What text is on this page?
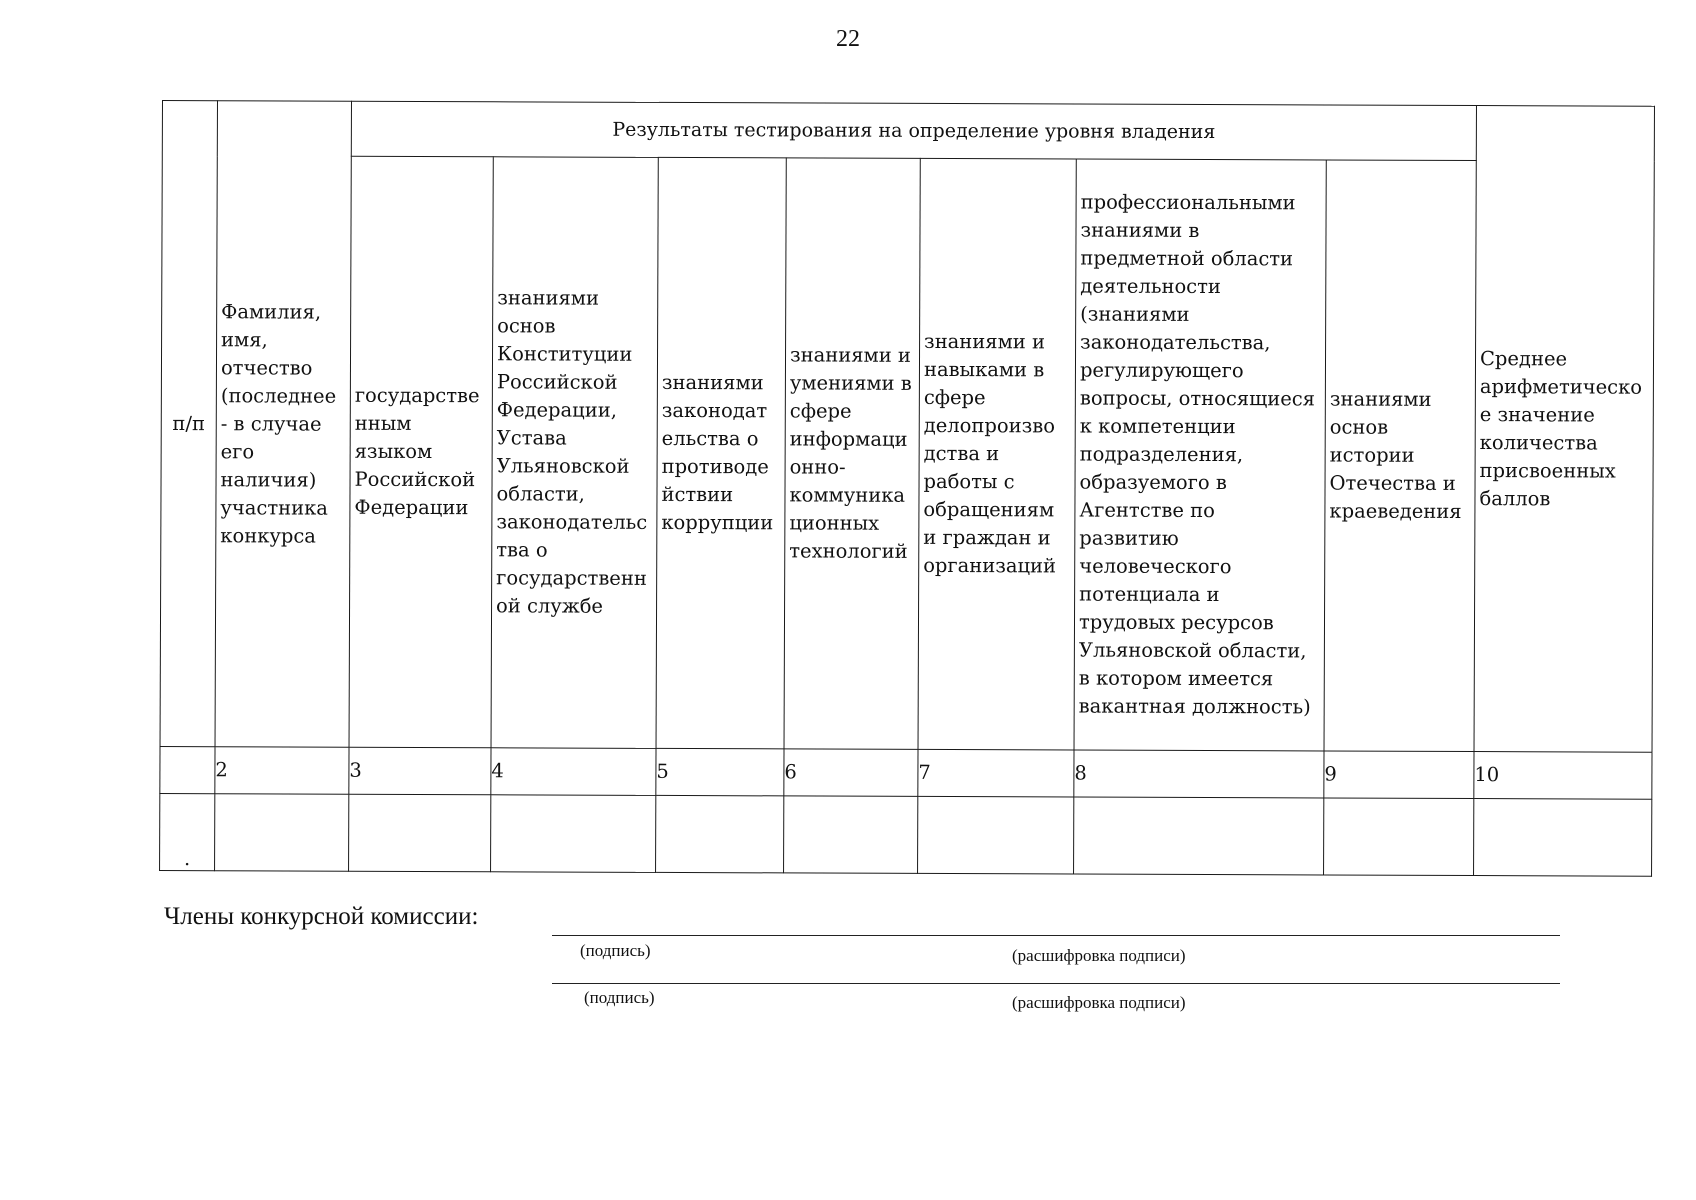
22
п/п	Фамилия, имя, отчество (последнее - в случае его наличия) участника конкурса	Результаты тестирования на определение уровня владения							Среднее арифметическо е значение количества присвоенных баллов

		государстве нным языком Российской Федерации	знаниями основ Конституции Российской Федерации, Устава Ульяновской области, законодательс тва о государственн ой службе	знаниями законодат ельства о противоде йствии коррупции	знаниями и умениями в сфере информаци онно-коммуника ционных технологий	знаниями и навыками в сфере делопроизво дства и работы с обращениям и граждан и организаций	профессиональными знаниями в предметной области деятельности (знаниями законодательства, регулирующего вопросы, относящиеся к компетенции подразделения, образуемого в Агентстве по развитию человеческого потенциала и трудовых ресурсов Ульяновской области, в котором имеется вакантная должность)	знаниями основ истории Отечества и краеведения	

	2	3	4	5	6	7	8	9	10
.									
Члены конкурсной комиссии:
(подпись)	(расшифровка подписи)
(подпись)	(расшифровка подписи)
